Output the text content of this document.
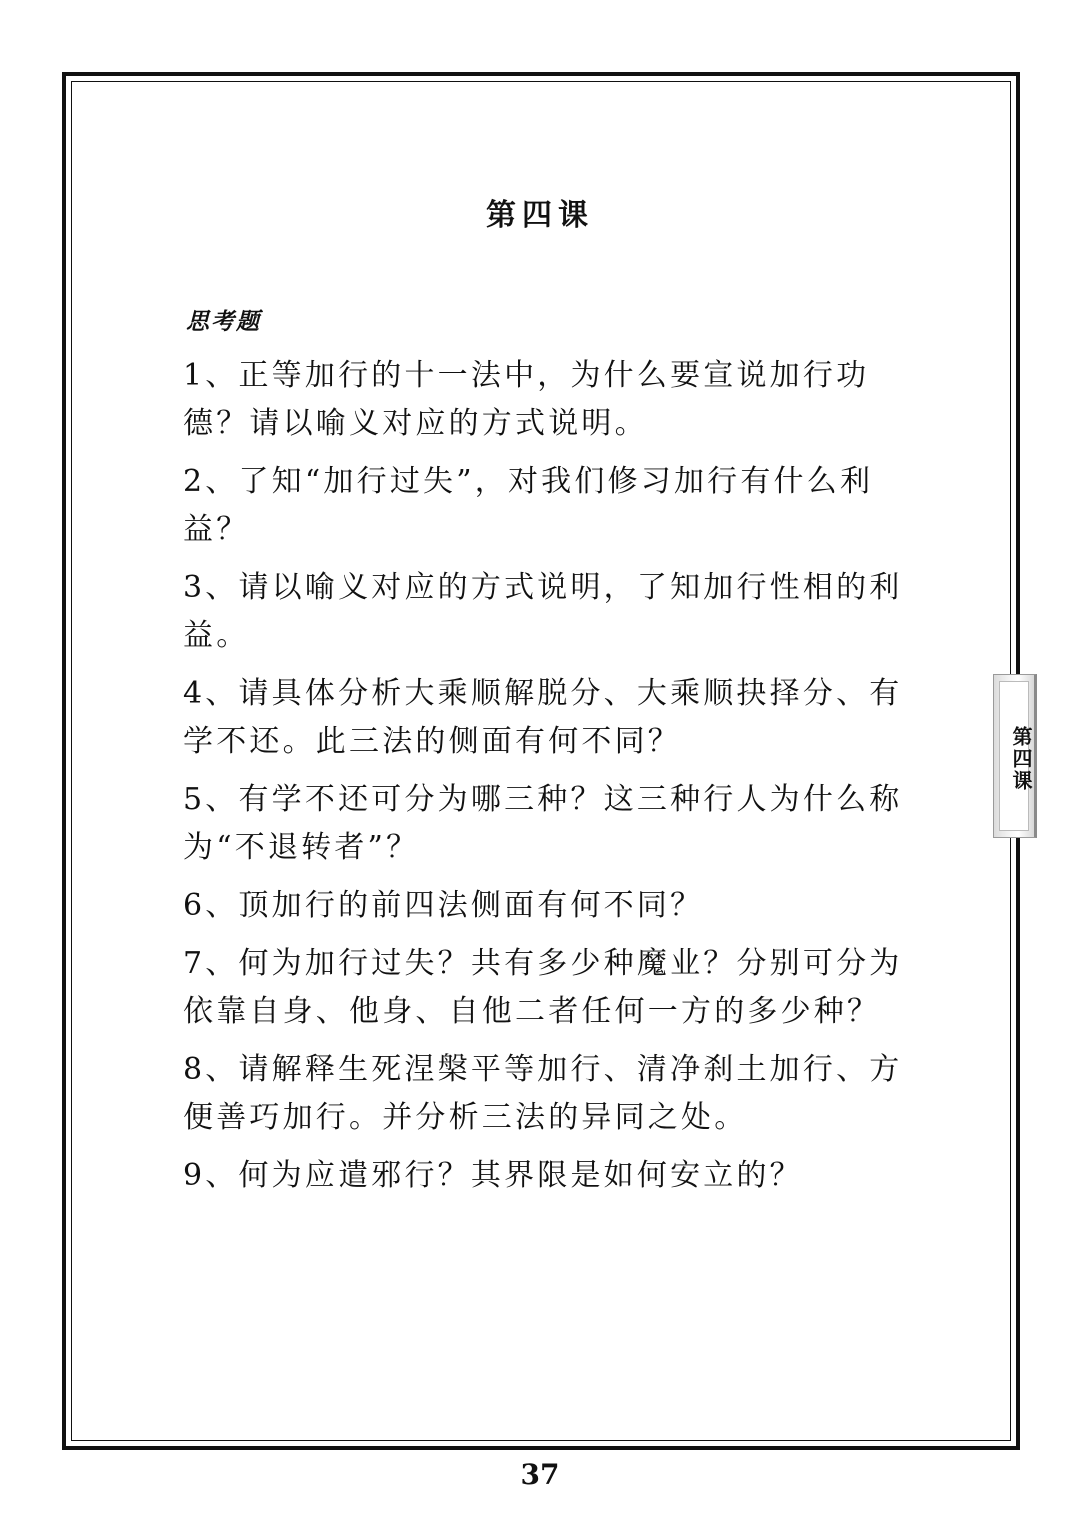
第四课
思考题
1、正等加行的十一法中，为什么要宣说加行功德？请以喻义对应的方式说明。
2、了知“加行过失”，对我们修习加行有什么利益？
3、请以喻义对应的方式说明，了知加行性相的利益。
4、请具体分析大乘顺解脱分、大乘顺抉择分、有学不还。此三法的侧面有何不同？
5、有学不还可分为哪三种？这三种行人为什么称为“不退转者”？
6、顶加行的前四法侧面有何不同？
7、何为加行过失？共有多少种魔业？分别可分为依靠自身、他身、自他二者任何一方的多少种？
8、请解释生死涅槃平等加行、清净刹土加行、方便善巧加行。并分析三法的异同之处。
9、何为应遣邪行？其界限是如何安立的？
第四课
37
